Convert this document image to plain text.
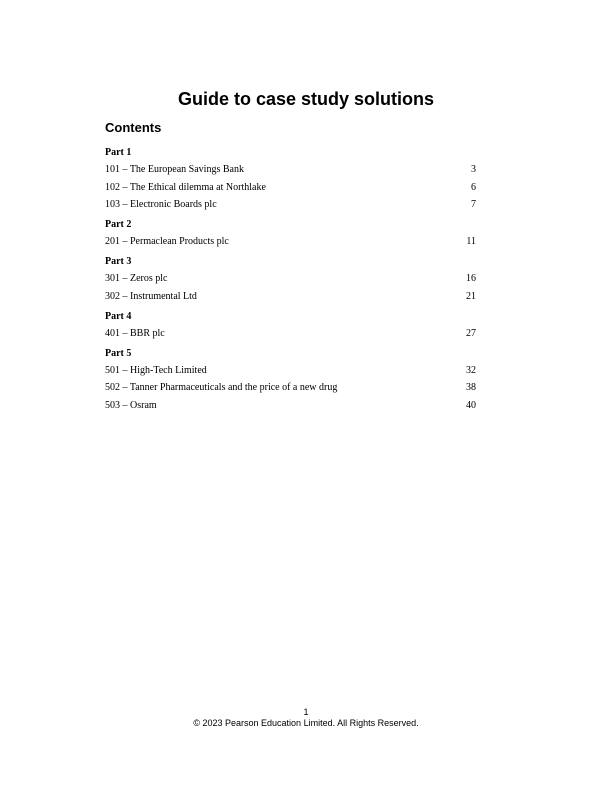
Guide to case study solutions
Contents
Part 1
101 – The European Savings Bank	3
102 – The Ethical dilemma at Northlake	6
103 – Electronic Boards plc	7
Part 2
201 – Permaclean Products plc	11
Part 3
301 – Zeros plc	16
302 – Instrumental Ltd	21
Part 4
401 – BBR plc	27
Part 5
501 – High-Tech Limited	32
502 – Tanner Pharmaceuticals and the price of a new drug	38
503 – Osram	40
1
© 2023 Pearson Education Limited. All Rights Reserved.
